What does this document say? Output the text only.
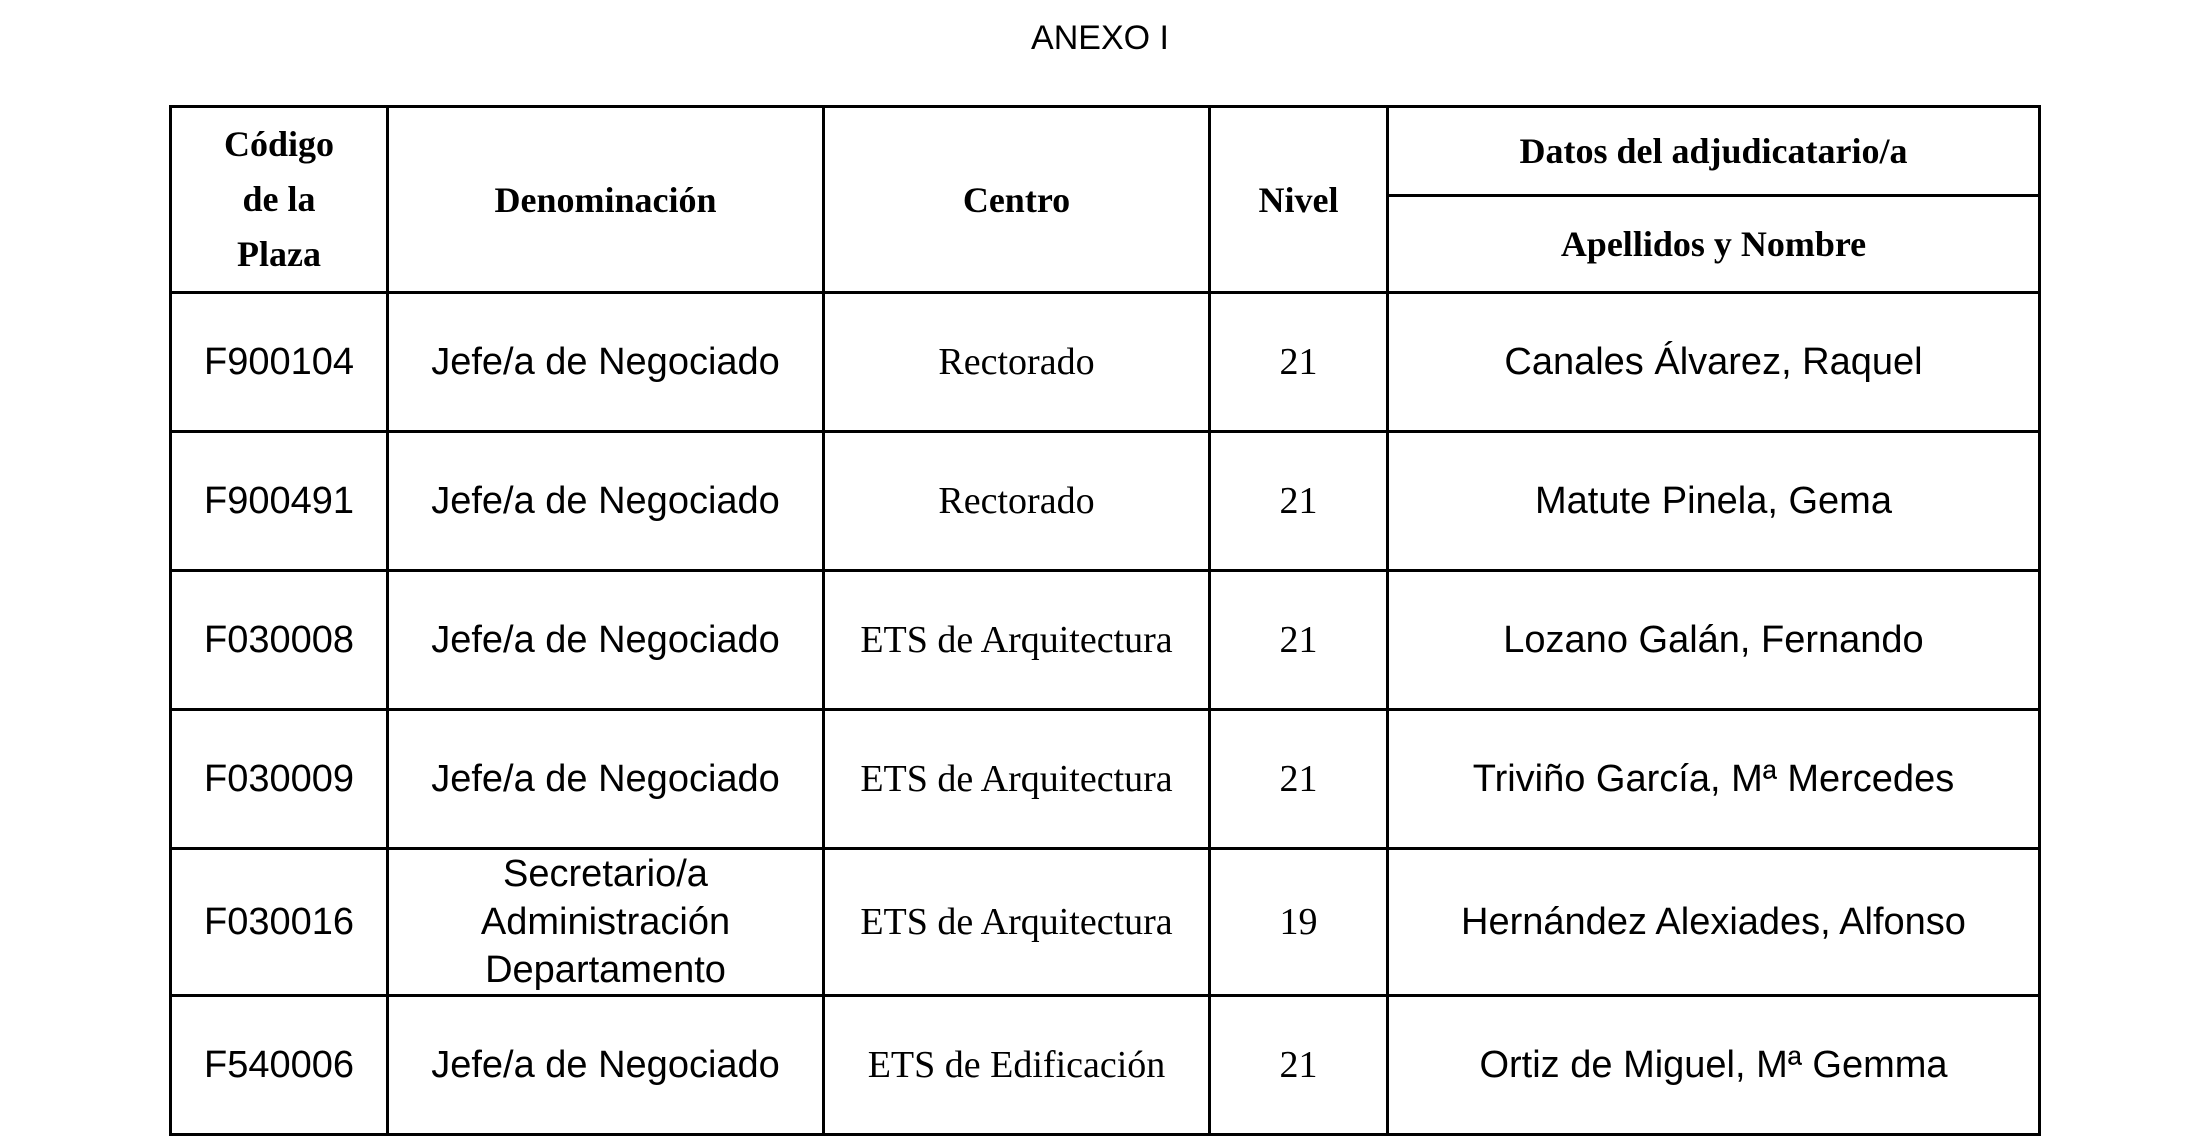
ANEXO I
Código
de la
Plaza	Denominación	Centro	Nivel	Datos del adjudicatario/a
				Apellidos y Nombre
F900104	Jefe/a de Negociado	Rectorado	21	Canales Álvarez, Raquel
F900491	Jefe/a de Negociado	Rectorado	21	Matute Pinela, Gema
F030008	Jefe/a de Negociado	ETS de Arquitectura	21	Lozano Galán, Fernando
F030009	Jefe/a de Negociado	ETS de Arquitectura	21	Triviño García, Mª Mercedes
F030016	Secretario/a
Administración
Departamento	ETS de Arquitectura	19	Hernández Alexiades, Alfonso
F540006	Jefe/a de Negociado	ETS de Edificación	21	Ortiz de Miguel, Mª Gemma
